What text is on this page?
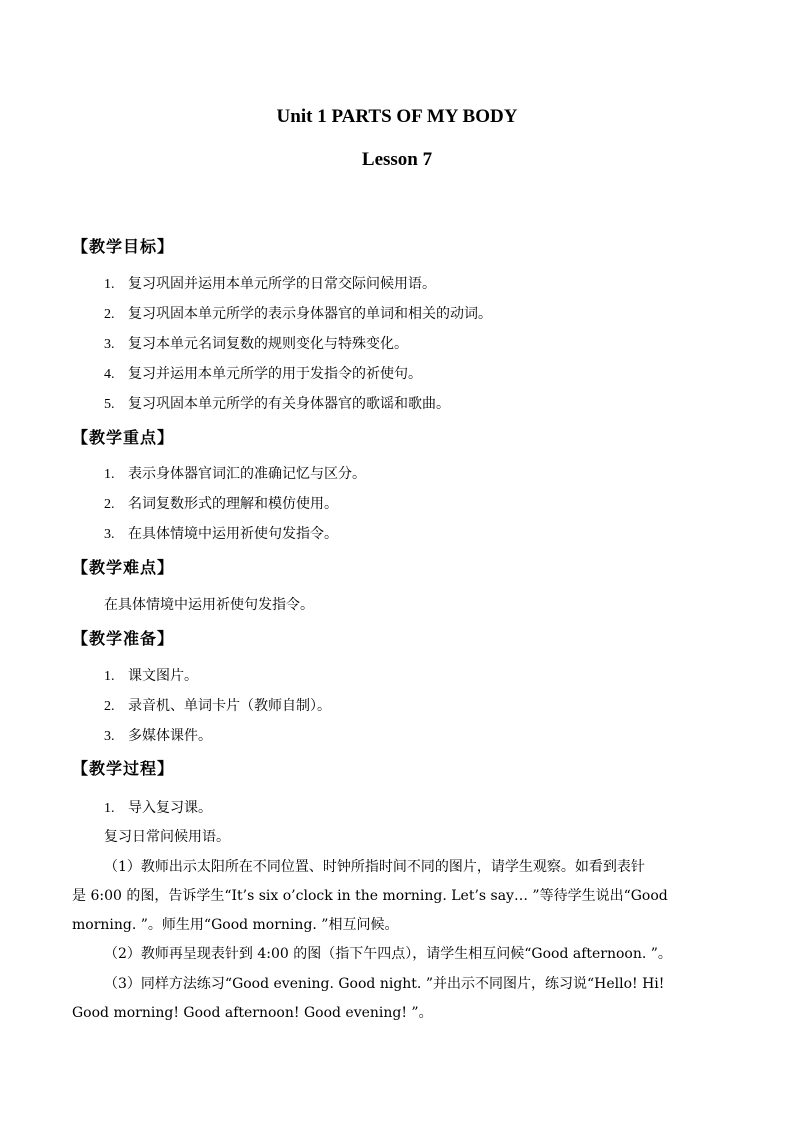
Unit 1 PARTS OF MY BODY
Lesson 7
【教学目标】
1. 复习巩固并运用本单元所学的日常交际问候用语。
2. 复习巩固本单元所学的表示身体器官的单词和相关的动词。
3. 复习本单元名词复数的规则变化与特殊变化。
4. 复习并运用本单元所学的用于发指令的祈使句。
5. 复习巩固本单元所学的有关身体器官的歌谣和歌曲。
【教学重点】
1. 表示身体器官词汇的准确记忆与区分。
2. 名词复数形式的理解和模仿使用。
3. 在具体情境中运用祈使句发指令。
【教学难点】
在具体情境中运用祈使句发指令。
【教学准备】
1. 课文图片。
2. 录音机、单词卡片（教师自制）。
3. 多媒体课件。
【教学过程】
1. 导入复习课。
复习日常问候用语。
（1）教师出示太阳所在不同位置、时钟所指时间不同的图片，请学生观察。如看到表针
是 6:00 的图，告诉学生“It’s six o’clock in the morning. Let’s say… ”等待学生说出“Good
morning. ”。师生用“Good morning. ”相互问候。
（2）教师再呈现表针到 4:00 的图（指下午四点），请学生相互问候“Good afternoon. ”。
（3）同样方法练习“Good evening. Good night. ”并出示不同图片，练习说“Hello! Hi!
Good morning! Good afternoon! Good evening! ”。
